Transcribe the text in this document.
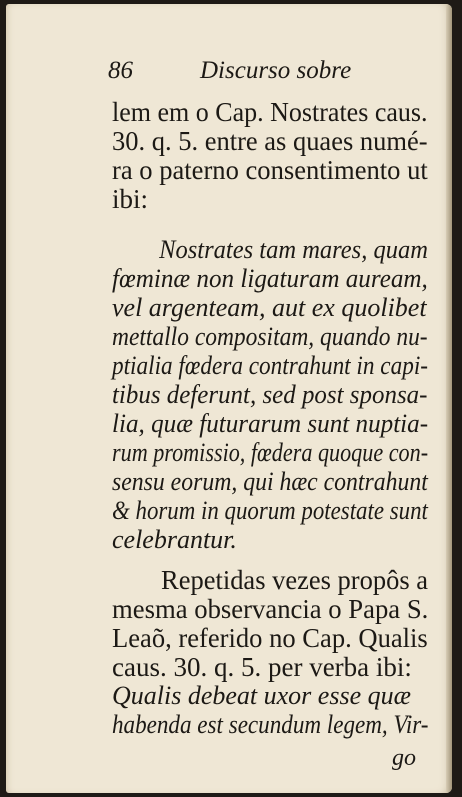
86	Discurso sobre
lem em o Cap. Nostrates caus.
30. q. 5. entre as quaes numé-
ra o paterno consentimento ut
ibi:
Nostrates tam mares, quam
fœminæ non ligaturam auream,
vel argenteam, aut ex quolibet
mettallo compositam, quando nu-
ptialia fœdera contrahunt in capi-
tibus deferunt, sed post sponsa-
lia, quæ futurarum sunt nuptia-
rum promissio, fœdera quoque con-
sensu eorum, qui hæc contrahunt
& horum in quorum potestate sunt
celebrantur.
Repetidas vezes propôs a
mesma observancia o Papa S.
Leaõ, referido no Cap. Qualis
caus. 30. q. 5. per verba ibi:
Qualis debeat uxor esse quæ
habenda est secundum legem, Vir-
go
